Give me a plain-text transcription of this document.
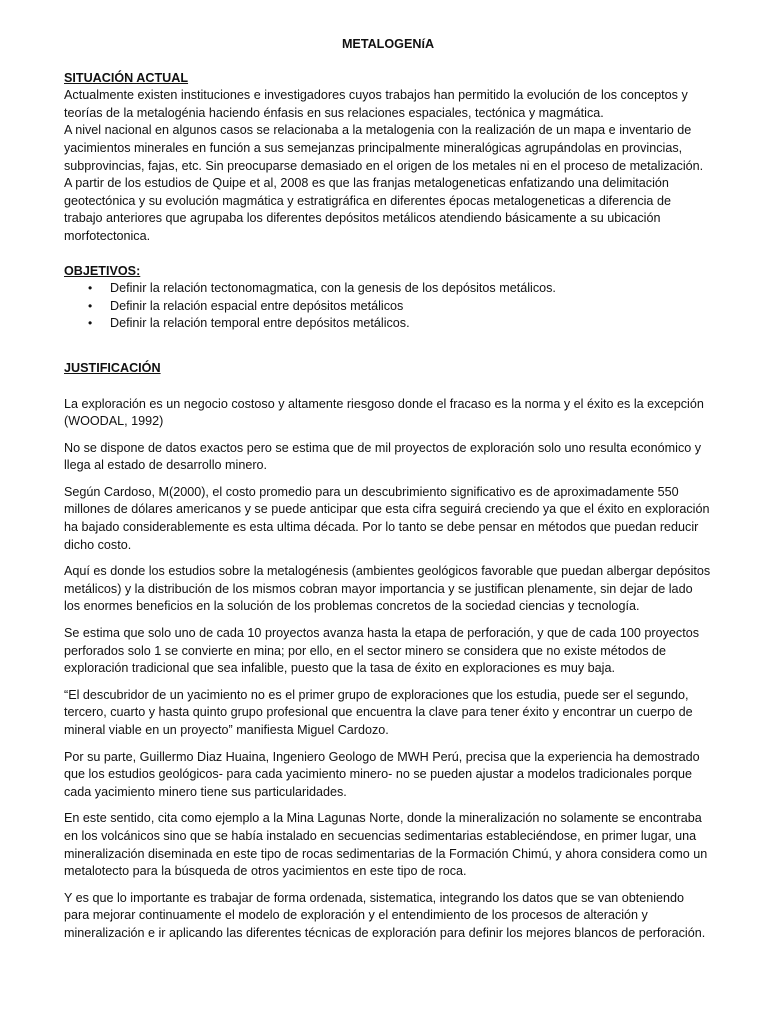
METALOGENíA
SITUACIÓN ACTUAL

Actualmente existen instituciones e investigadores cuyos trabajos han permitido la evolución de los conceptos y teorías de la metalogénia haciendo énfasis en sus relaciones espaciales, tectónica y magmática.

A nivel nacional en algunos casos se relacionaba a la metalogenia con la realización de un mapa e inventario de yacimientos minerales en función a sus semejanzas principalmente mineralógicas agrupándolas en provincias, subprovincias, fajas, etc. Sin preocuparse demasiado en el origen de los metales ni en el proceso de metalización.

A partir de los estudios de Quipe et al, 2008 es que las franjas metalogeneticas enfatizando una delimitación geotectónica y su evolución magmática y estratigráfica en diferentes épocas metalogeneticas a diferencia de trabajo anteriores que agrupaba los diferentes depósitos metálicos atendiendo básicamente a su ubicación morfotectonica.

OBJETIVOS:
• Definir la relación tectonomagmatica, con la genesis de los depósitos metálicos.
• Definir la relación espacial entre depósitos metálicos
• Definir la relación temporal entre depósitos metálicos.
JUSTIFICACIÓN

La exploración es un negocio costoso y altamente riesgoso donde el fracaso es la norma y el éxito es la excepción (WOODAL, 1992)

No se dispone de datos exactos pero se estima que de mil proyectos de exploración solo uno resulta económico y llega al estado de desarrollo minero.

Según Cardoso, M(2000), el costo promedio para un descubrimiento significativo es de aproximadamente 550 millones de dólares americanos y se puede anticipar que esta cifra seguirá creciendo ya que el éxito en exploración ha bajado considerablemente es esta ultima década. Por lo tanto se debe pensar en métodos que puedan reducir dicho costo.

Aquí es donde los estudios sobre la metalogénesis (ambientes geológicos favorable que puedan albergar depósitos metálicos) y la distribución de los mismos cobran mayor importancia y se justifican plenamente, sin dejar de lado los enormes beneficios en la solución de los problemas concretos de la sociedad ciencias y tecnología.

Se estima que solo uno de cada 10 proyectos avanza hasta la etapa de perforación, y que de cada 100 proyectos perforados solo 1 se convierte en mina; por ello, en el sector minero se considera que no existe métodos de exploración tradicional que sea infalible, puesto que la tasa de éxito en exploraciones es muy baja.

“El descubridor de un yacimiento no es el primer grupo de exploraciones que los estudia, puede ser el segundo, tercero, cuarto y hasta quinto grupo profesional que encuentra la clave para tener éxito y encontrar un cuerpo de mineral viable en un proyecto” manifiesta Miguel Cardozo.

Por su parte, Guillermo Diaz Huaina, Ingeniero Geologo de MWH Perú, precisa que la experiencia ha demostrado que los estudios geológicos- para cada yacimiento minero- no se pueden ajustar a modelos tradicionales porque cada yacimiento minero tiene sus particularidades.

En este sentido, cita como ejemplo a la Mina Lagunas Norte, donde la mineralización no solamente se encontraba en los volcánicos sino que se había instalado en secuencias sedimentarias estableciéndose, en primer lugar, una mineralización diseminada en este tipo de rocas sedimentarias de la Formación Chimú, y ahora considera como un metalotecto para la búsqueda de otros yacimientos en este tipo de roca.

Y es que lo importante es trabajar de forma ordenada, sistematica, integrando los datos que se van obteniendo para mejorar continuamente el modelo de exploración y el entendimiento de los procesos de alteración y mineralización e ir aplicando las diferentes técnicas de exploración para definir los mejores blancos de perforación.
